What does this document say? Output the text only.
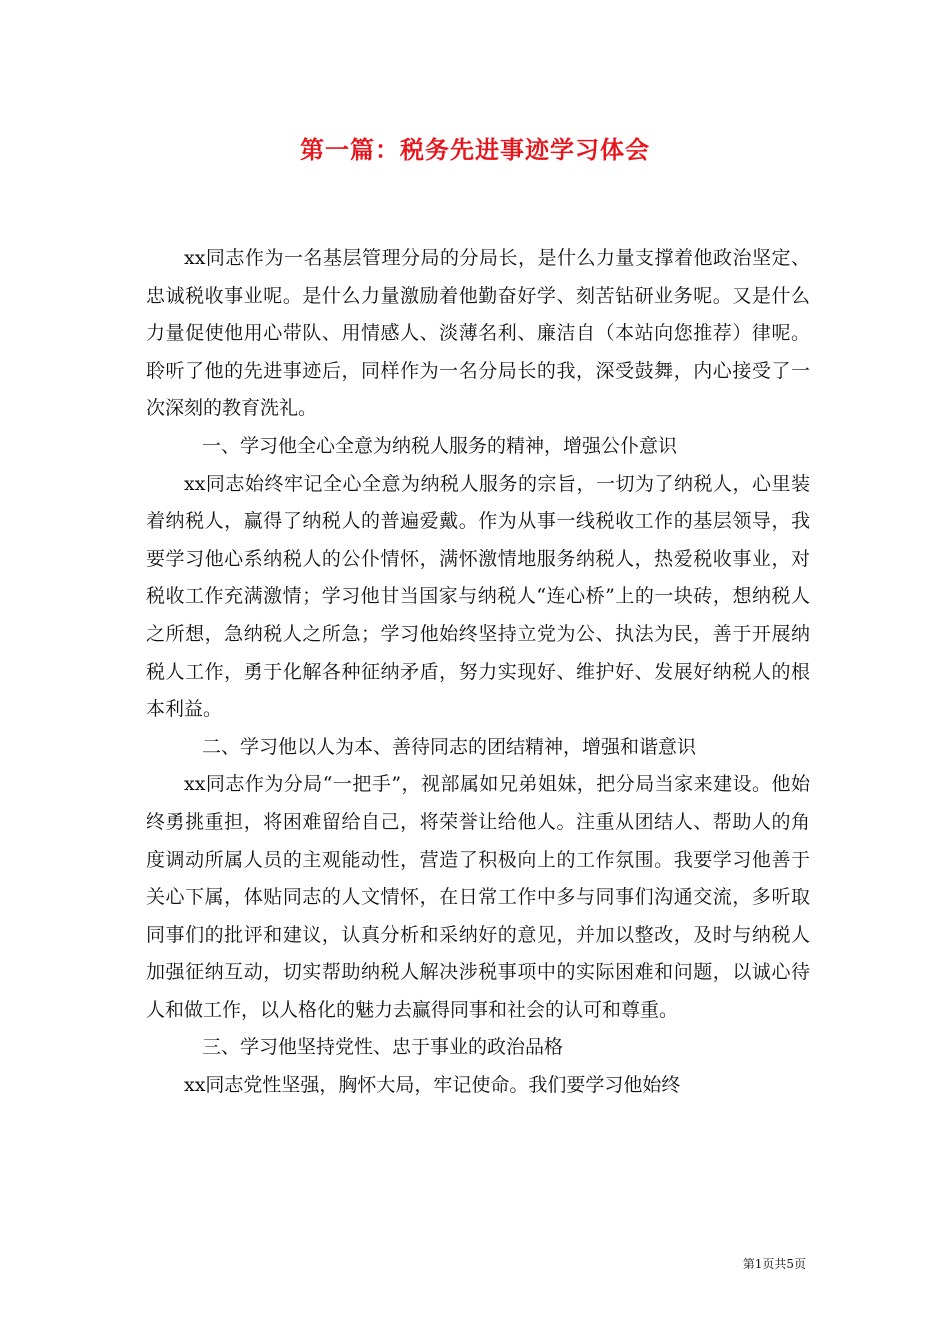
第一篇：税务先进事迹学习体会

xx同志作为一名基层管理分局的分局长，是什么力量支撑着他政治坚定、忠诚税收事业呢。是什么力量激励着他勤奋好学、刻苦钻研业务呢。又是什么力量促使他用心带队、用情感人、淡薄名利、廉洁自（本站向您推荐）律呢。聆听了他的先进事迹后，同样作为一名分局长的我，深受鼓舞，内心接受了一次深刻的教育洗礼。

一、学习他全心全意为纳税人服务的精神，增强公仆意识

xx同志始终牢记全心全意为纳税人服务的宗旨，一切为了纳税人，心里装着纳税人，赢得了纳税人的普遍爱戴。作为从事一线税收工作的基层领导，我要学习他心系纳税人的公仆情怀，满怀激情地服务纳税人，热爱税收事业，对税收工作充满激情；学习他甘当国家与纳税人“连心桥”上的一块砖，想纳税人之所想，急纳税人之所急；学习他始终坚持立党为公、执法为民，善于开展纳税人工作，勇于化解各种征纳矛盾，努力实现好、维护好、发展好纳税人的根本利益。

二、学习他以人为本、善待同志的团结精神，增强和谐意识

xx同志作为分局“一把手”，视部属如兄弟姐妹，把分局当家来建设。他始终勇挑重担，将困难留给自己，将荣誉让给他人。注重从团结人、帮助人的角度调动所属人员的主观能动性，营造了积极向上的工作氛围。我要学习他善于关心下属，体贴同志的人文情怀，在日常工作中多与同事们沟通交流，多听取同事们的批评和建议，认真分析和采纳好的意见，并加以整改，及时与纳税人加强征纳互动，切实帮助纳税人解决涉税事项中的实际困难和问题，以诚心待人和做工作，以人格化的魅力去赢得同事和社会的认可和尊重。

三、学习他坚持党性、忠于事业的政治品格

xx同志党性坚强，胸怀大局，牢记使命。我们要学习他始终

第1页共5页
